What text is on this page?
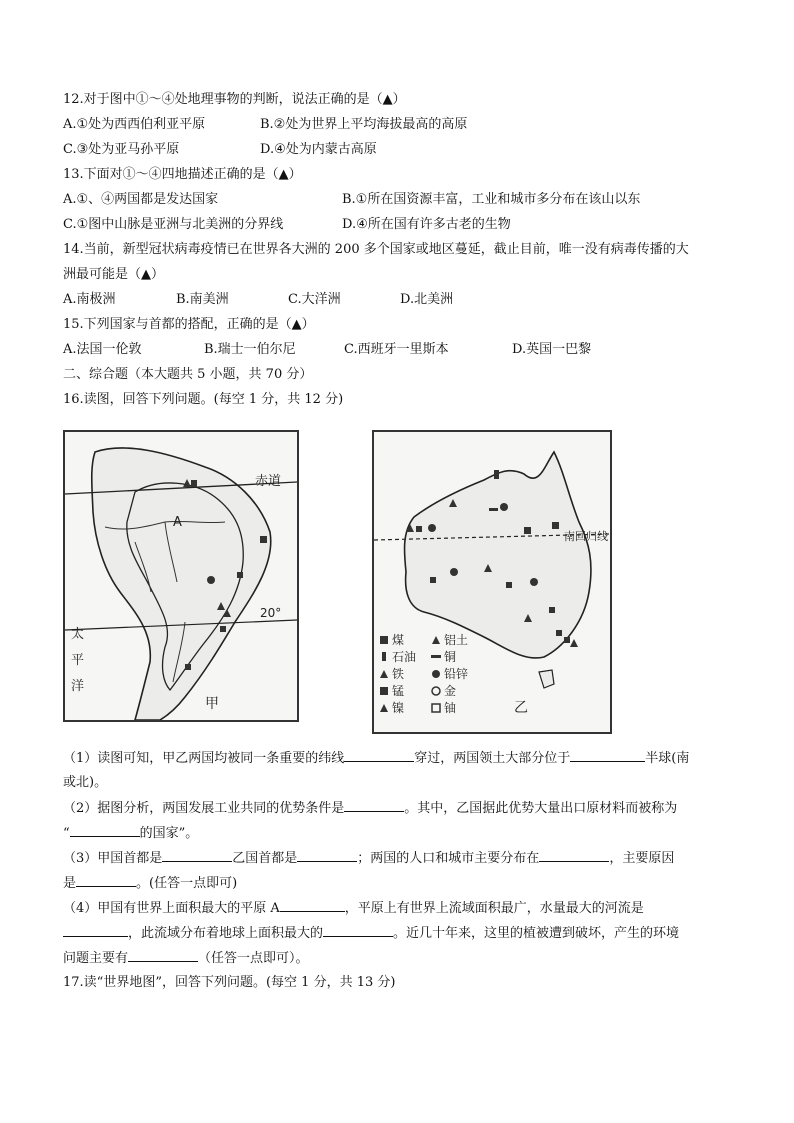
12.对于图中①～④处地理事物的判断，说法正确的是（▲）
A.①处为西西伯利亚平原	B.②处为世界上平均海拔最高的高原
C.③处为亚马孙平原	D.④处为内蒙古高原
13.下面对①～④四地描述正确的是（▲）
A.①、④两国都是发达国家	B.①所在国资源丰富，工业和城市多分布在该山以东
C.①图中山脉是亚洲与北美洲的分界线	D.④所在国有许多古老的生物
14.当前，新型冠状病毒疫情已在世界各大洲的 200 多个国家或地区蔓延，截止目前，唯一没有病毒传播的大
洲最可能是（▲）
A.南极洲	B.南美洲	C.大洋洲	D.北美洲
15.下列国家与首都的搭配，正确的是（▲）
A.法国一伦敦	B.瑞士一伯尔尼	C.西班牙一里斯本	D.英国一巴黎
二、综合题（本大题共 5 小题，共 70 分）
16.读图，回答下列问题。(每空 1 分，共 12 分)
赤道
20°
太
平
洋
A
甲
南回归线
煤	铝土
石油 铜
铁	铅锌
锰	金
镍	铀	乙
（1）读图可知，甲乙两国均被同一条重要的纬线	穿过，两国领土大部分位于	半球(南
或北)。
（2）据图分析，两国发展工业共同的优势条件是	。其中，乙国据此优势大量出口原材料而被称为
“	的国家”。
（3）甲国首都是	乙国首都是	；两国的人口和城市主要分布在	，主要原因
是	。(任答一点即可)
（4）甲国有世界上面积最大的平原 A	，平原上有世界上流域面积最广，水量最大的河流是
，此流域分布着地球上面积最大的	。近几十年来，这里的植被遭到破坏，产生的环境
问题主要有	（任答一点即可）。
17.读“世界地图”，回答下列问题。(每空 1 分，共 13 分)
